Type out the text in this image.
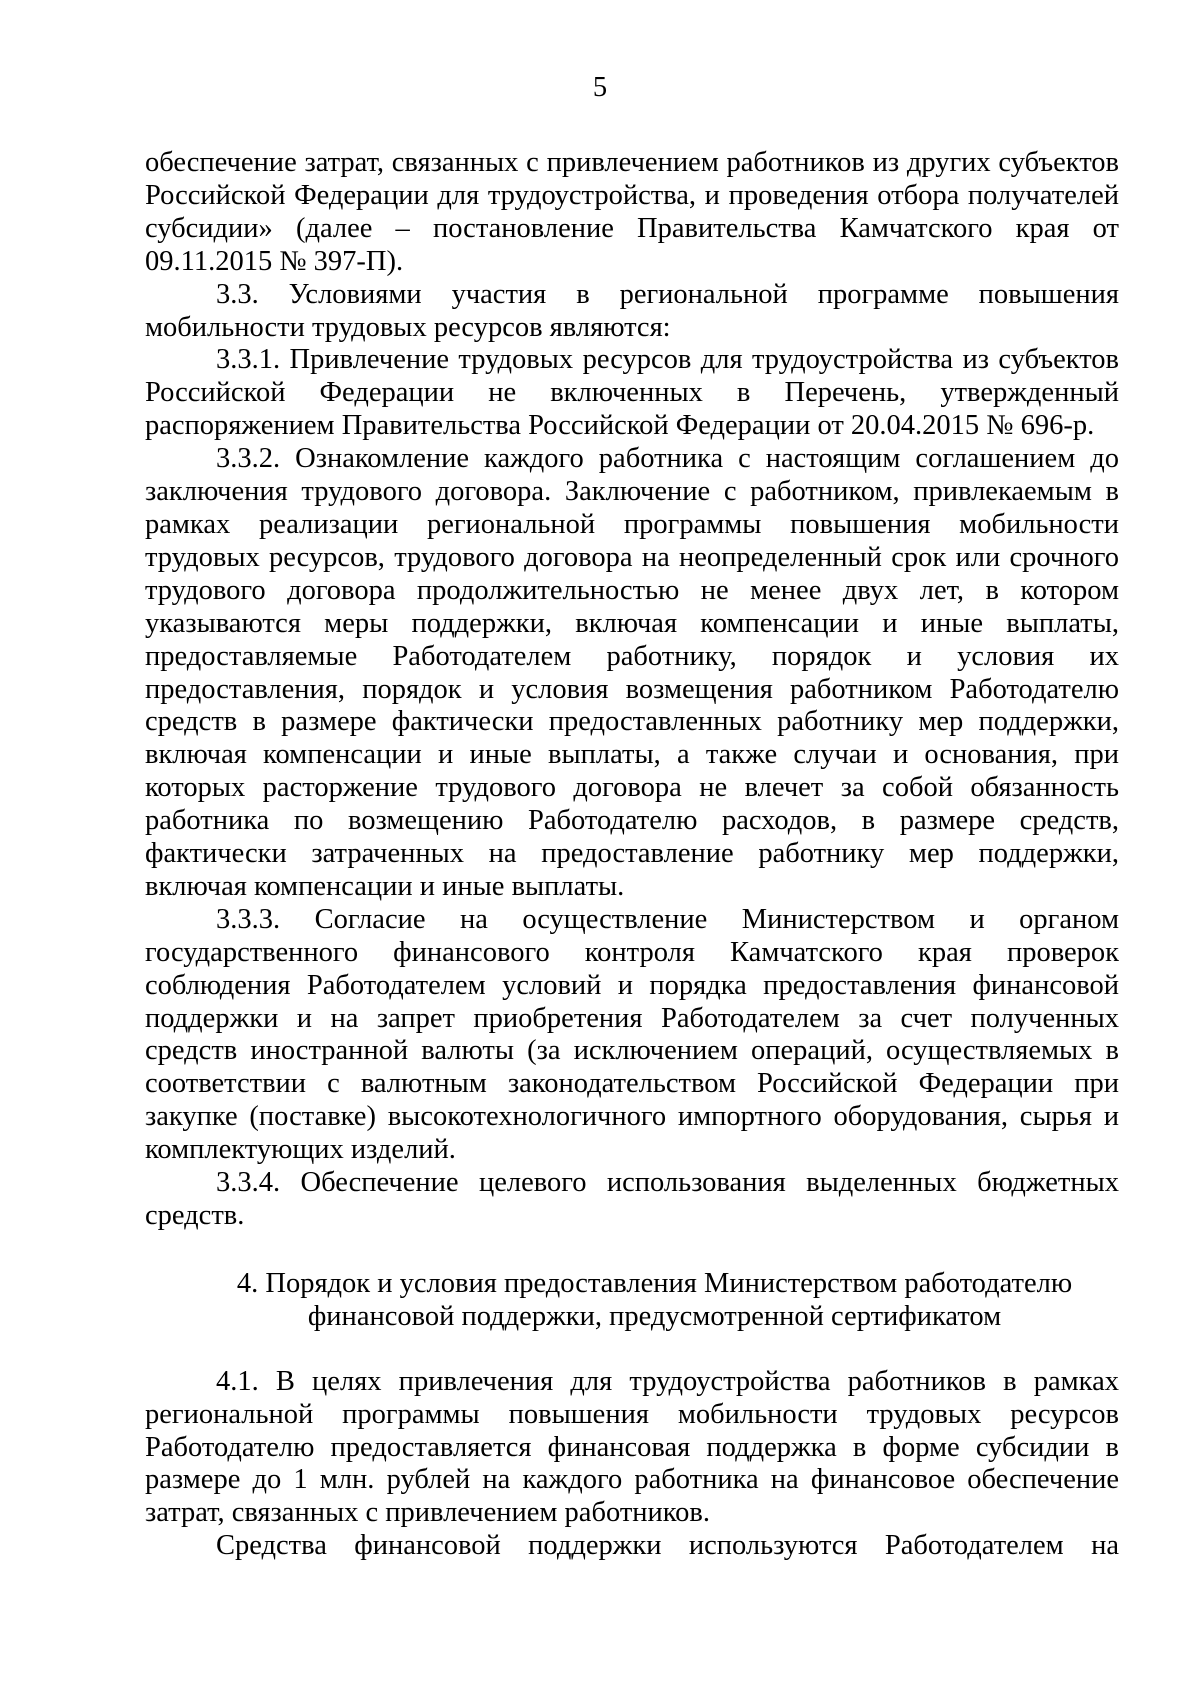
5

обеспечение затрат, связанных с привлечением работников из других субъектов Российской Федерации для трудоустройства, и проведения отбора получателей субсидии» (далее – постановление Правительства Камчатского края от 09.11.2015 № 397-П).

3.3. Условиями участия в региональной программе повышения мобильности трудовых ресурсов являются:

3.3.1. Привлечение трудовых ресурсов для трудоустройства из субъектов Российской Федерации не включенных в Перечень, утвержденный распоряжением Правительства Российской Федерации от 20.04.2015 № 696-р.

3.3.2. Ознакомление каждого работника с настоящим соглашением до заключения трудового договора. Заключение с работником, привлекаемым в рамках реализации региональной программы повышения мобильности трудовых ресурсов, трудового договора на неопределенный срок или срочного трудового договора продолжительностью не менее двух лет, в котором указываются меры поддержки, включая компенсации и иные выплаты, предоставляемые Работодателем работнику, порядок и условия их предоставления, порядок и условия возмещения работником Работодателю средств в размере фактически предоставленных работнику мер поддержки, включая компенсации и иные выплаты, а также случаи и основания, при которых расторжение трудового договора не влечет за собой обязанность работника по возмещению Работодателю расходов, в размере средств, фактически затраченных на предоставление работнику мер поддержки, включая компенсации и иные выплаты.

3.3.3. Согласие на осуществление Министерством и органом государственного финансового контроля Камчатского края проверок соблюдения Работодателем условий и порядка предоставления финансовой поддержки и на запрет приобретения Работодателем за счет полученных средств иностранной валюты (за исключением операций, осуществляемых в соответствии с валютным законодательством Российской Федерации при закупке (поставке) высокотехнологичного импортного оборудования, сырья и комплектующих изделий.

3.3.4. Обеспечение целевого использования выделенных бюджетных средств.

4. Порядок и условия предоставления Министерством работодателю
финансовой поддержки, предусмотренной сертификатом

4.1. В целях привлечения для трудоустройства работников в рамках региональной программы повышения мобильности трудовых ресурсов Работодателю предоставляется финансовая поддержка в форме субсидии в размере до 1 млн. рублей на каждого работника на финансовое обеспечение затрат, связанных с привлечением работников.

Средства финансовой поддержки используются Работодателем на
